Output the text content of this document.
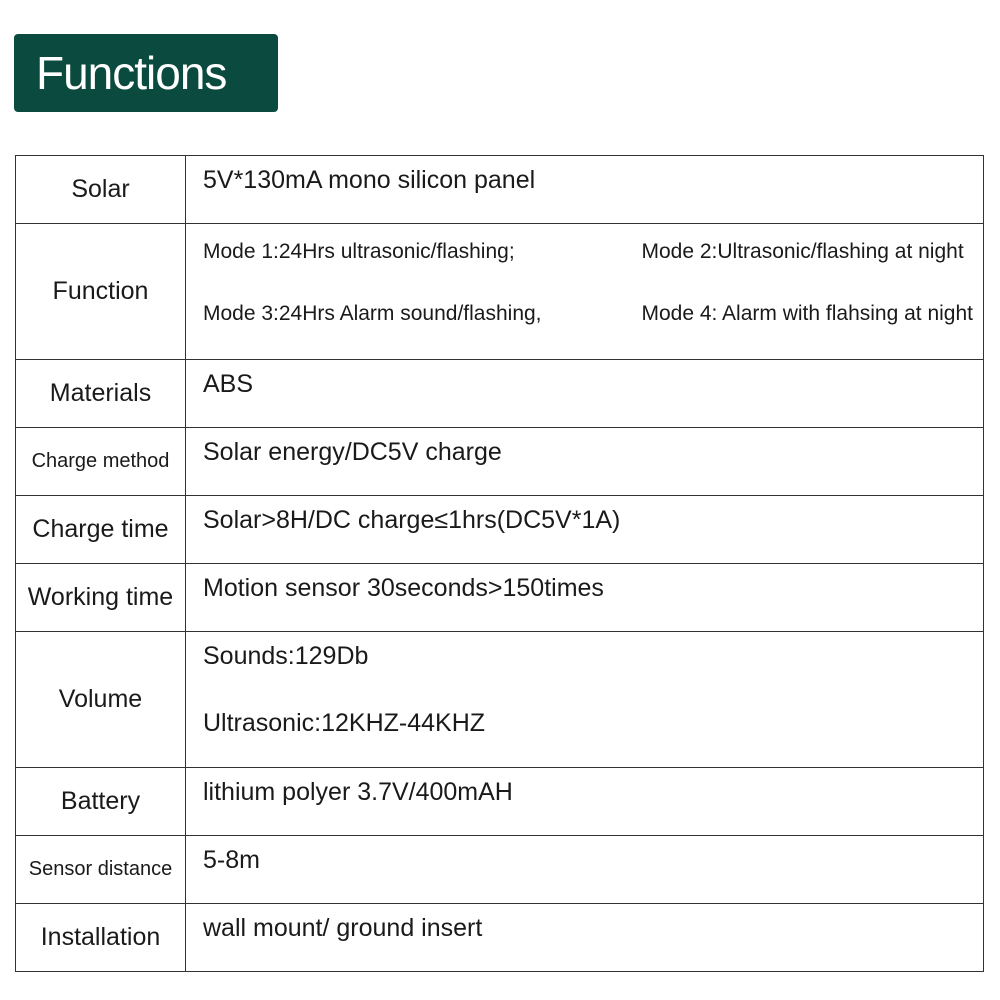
Functions
Solar	5V*130mA mono silicon panel
Function	Mode 1:24Hrs ultrasonic/flashing; Mode 2:Ultrasonic/flashing at night
Mode 3:24Hrs Alarm sound/flashing, Mode 4: Alarm with flahsing at night

Materials	ABS
Charge method	Solar energy/DC5V charge
Charge time	Solar>8H/DC charge≤1hrs(DC5V*1A)
Working time	Motion sensor 30seconds>150times
Volume	Sounds:129Db
Ultrasonic:12KHZ-44KHZ

Battery	lithium polyer 3.7V/400mAH
Sensor distance	5-8m
Installation	wall mount/ ground insert
